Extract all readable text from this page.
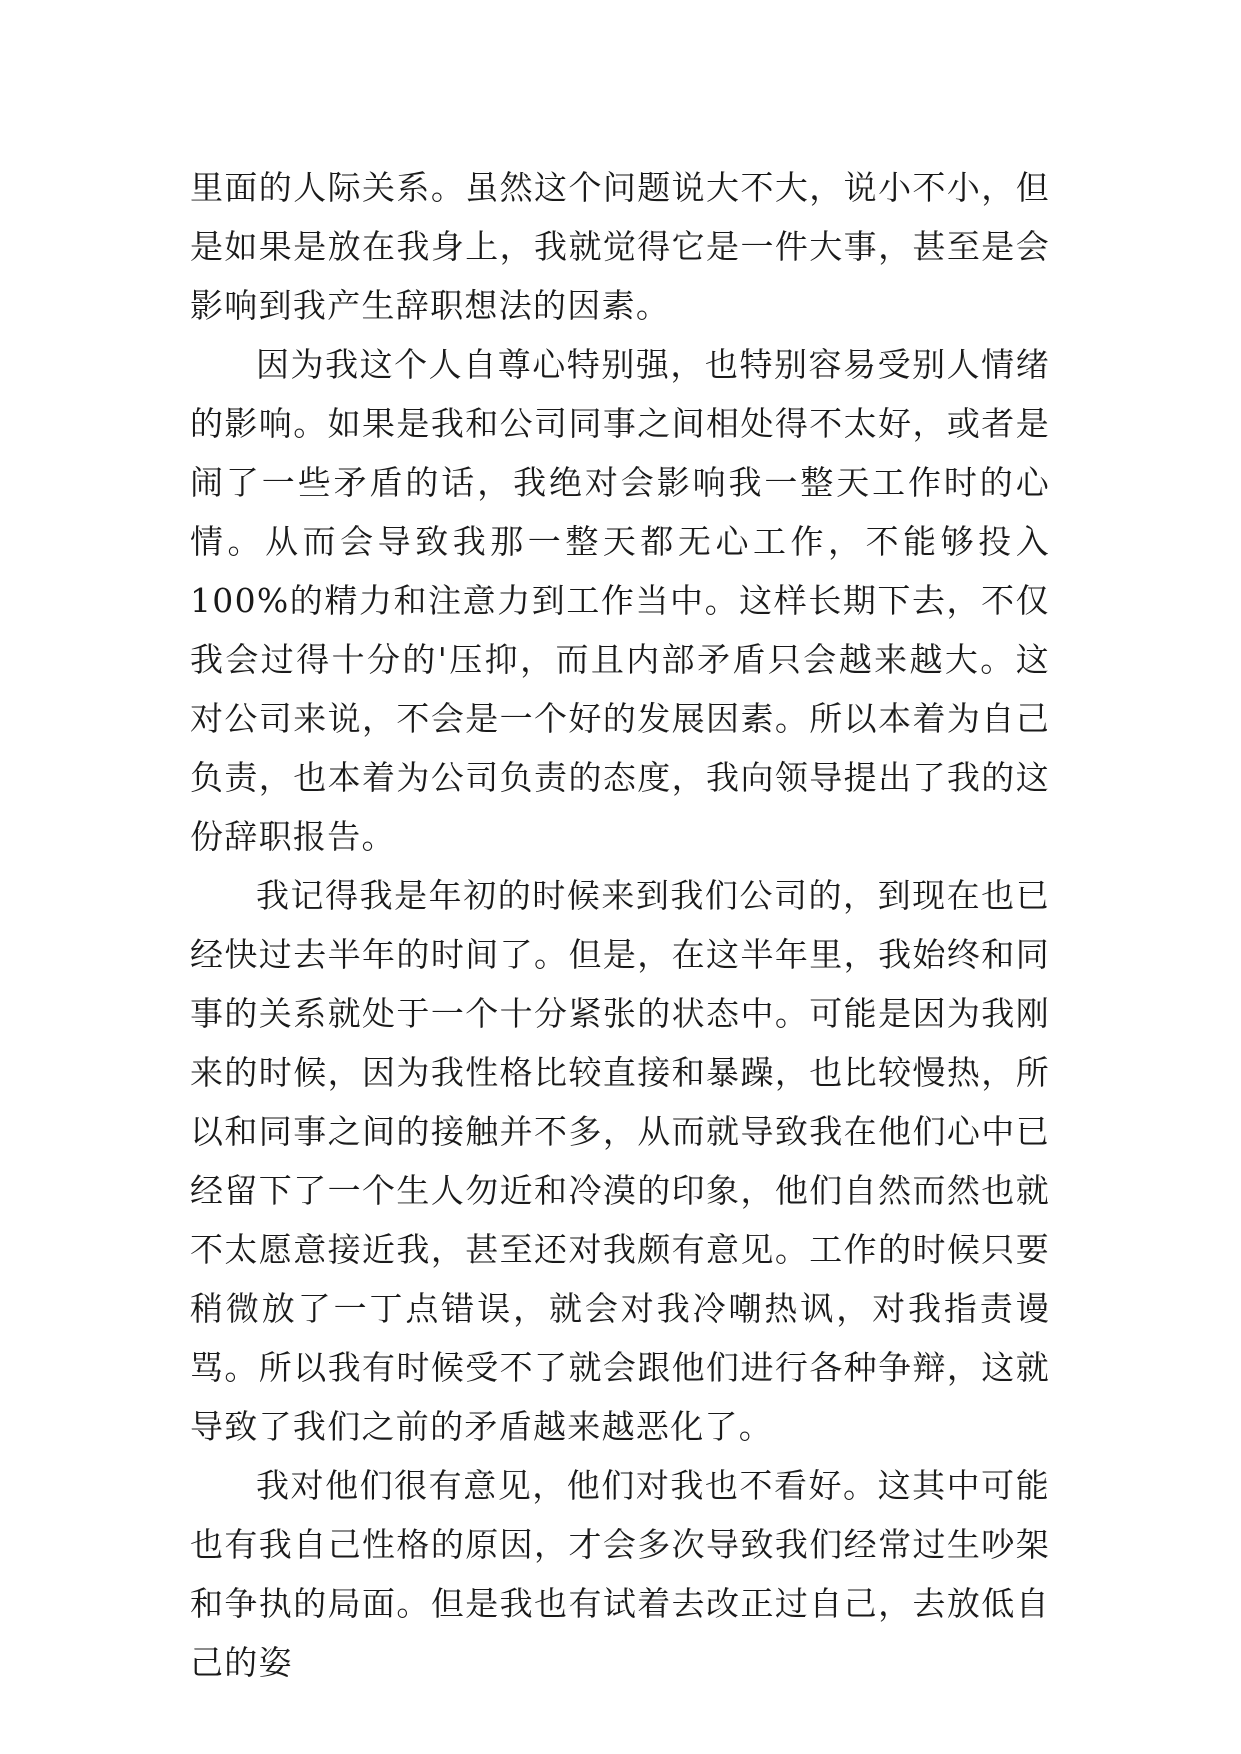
里面的人际关系。虽然这个问题说大不大，说小不小，但是如果是放在我身上，我就觉得它是一件大事，甚至是会影响到我产生辞职想法的因素。

因为我这个人自尊心特别强，也特别容易受别人情绪的影响。如果是我和公司同事之间相处得不太好，或者是闹了一些矛盾的话，我绝对会影响我一整天工作时的心情。从而会导致我那一整天都无心工作，不能够投入100%的精力和注意力到工作当中。这样长期下去，不仅我会过得十分的'压抑，而且内部矛盾只会越来越大。这对公司来说，不会是一个好的发展因素。所以本着为自己负责，也本着为公司负责的态度，我向领导提出了我的这份辞职报告。

我记得我是年初的时候来到我们公司的，到现在也已经快过去半年的时间了。但是，在这半年里，我始终和同事的关系就处于一个十分紧张的状态中。可能是因为我刚来的时候，因为我性格比较直接和暴躁，也比较慢热，所以和同事之间的接触并不多，从而就导致我在他们心中已经留下了一个生人勿近和冷漠的印象，他们自然而然也就不太愿意接近我，甚至还对我颇有意见。工作的时候只要稍微放了一丁点错误，就会对我冷嘲热讽，对我指责谩骂。所以我有时候受不了就会跟他们进行各种争辩，这就导致了我们之前的矛盾越来越恶化了。

我对他们很有意见，他们对我也不看好。这其中可能也有我自己性格的原因，才会多次导致我们经常过生吵架和争执的局面。但是我也有试着去改正过自己，去放低自己的姿
